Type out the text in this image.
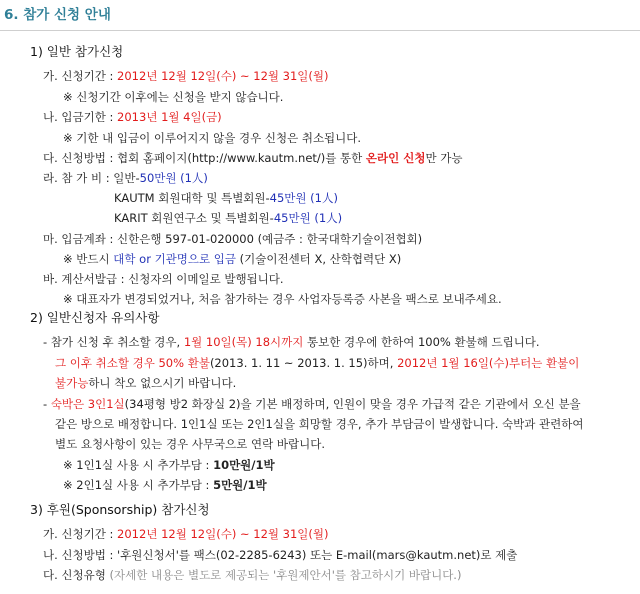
6. 참가 신청 안내
1) 일반 참가신청
가. 신청기간 : 2012년 12월 12일(수) ~ 12월 31일(월)
※ 신청기간 이후에는 신청을 받지 않습니다.
나. 입금기한 : 2013년 1월 4일(금)
※ 기한 내 입금이 이루어지지 않을 경우 신청은 취소됩니다.
다. 신청방법 : 협회 홈페이지(http://www.kautm.net/)를 통한 온라인 신청만 가능
라. 참 가 비 : 일반-50만원 (1人)
KAUTM 회원대학 및 특별회원-45만원 (1人)
KARIT 회원연구소 및 특별회원-45만원 (1人)
마. 입금계좌 : 신한은행 597-01-020000 (예금주 : 한국대학기술이전협회)
※ 반드시 대학 or 기관명으로 입금 (기술이전센터 X, 산학협력단 X)
바. 계산서발급 : 신청자의 이메일로 발행됩니다.
※ 대표자가 변경되었거나, 처음 참가하는 경우 사업자등록증 사본을 팩스로 보내주세요.
2) 일반신청자 유의사항
- 참가 신청 후 취소할 경우, 1월 10일(목) 18시까지 통보한 경우에 한하여 100% 환불해 드립니다.
그 이후 취소할 경우 50% 환불(2013. 1. 11 ~ 2013. 1. 15)하며, 2012년 1월 16일(수)부터는 환불이
불가능하니 착오 없으시기 바랍니다.
- 숙박은 3인1실(34평형 방2 화장실 2)을 기본 배정하며, 인원이 맞을 경우 가급적 같은 기관에서 오신 분을
같은 방으로 배정합니다. 1인1실 또는 2인1실을 희망할 경우, 추가 부담금이 발생합니다. 숙박과 관련하여
별도 요청사항이 있는 경우 사무국으로 연락 바랍니다.
※ 1인1실 사용 시 추가부담 : 10만원/1박
※ 2인1실 사용 시 추가부담 : 5만원/1박
3) 후원(Sponsorship) 참가신청
가. 신청기간 : 2012년 12월 12일(수) ~ 12월 31일(월)
나. 신청방법 : '후원신청서'를 팩스(02-2285-6243) 또는 E-mail(mars@kautm.net)로 제출
다. 신청유형 (자세한 내용은 별도로 제공되는 '후원제안서'를 참고하시기 바랍니다.)
